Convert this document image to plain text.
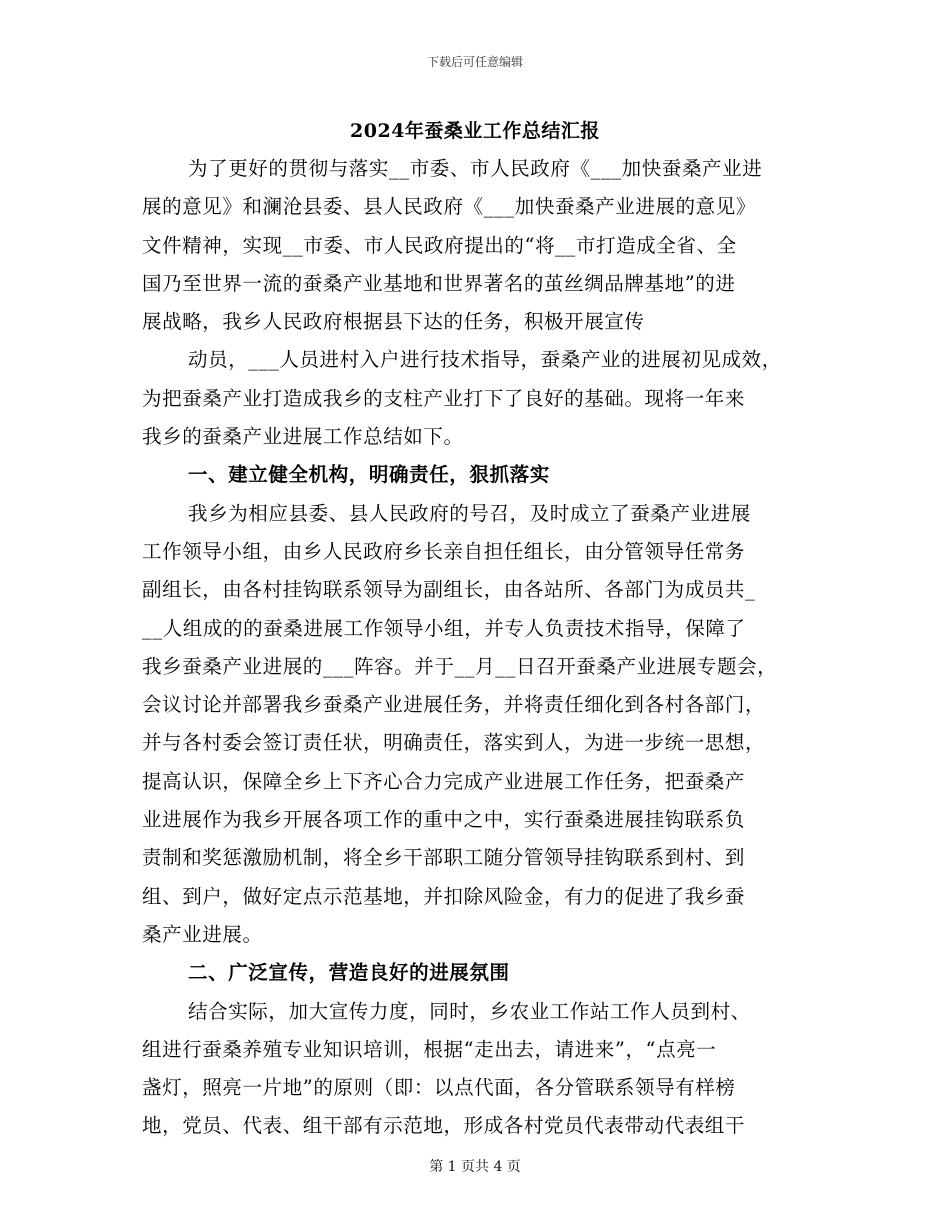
下载后可任意编辑
2024年蚕桑业工作总结汇报
为了更好的贯彻与落实__市委、市人民政府《___加快蚕桑产业进
展的意见》和澜沧县委、县人民政府《___加快蚕桑产业进展的意见》
文件精神，实现__市委、市人民政府提出的“将__市打造成全省、全
国乃至世界一流的蚕桑产业基地和世界著名的茧丝绸品牌基地”的进
展战略，我乡人民政府根据县下达的任务，积极开展宣传
动员，___人员进村入户进行技术指导，蚕桑产业的进展初见成效，
为把蚕桑产业打造成我乡的支柱产业打下了良好的基础。现将一年来
我乡的蚕桑产业进展工作总结如下。
一、建立健全机构，明确责任，狠抓落实
我乡为相应县委、县人民政府的号召，及时成立了蚕桑产业进展
工作领导小组，由乡人民政府乡长亲自担任组长，由分管领导任常务
副组长，由各村挂钩联系领导为副组长，由各站所、各部门为成员共_
__人组成的的蚕桑进展工作领导小组，并专人负责技术指导，保障了
我乡蚕桑产业进展的___阵容。并于__月__日召开蚕桑产业进展专题会，
会议讨论并部署我乡蚕桑产业进展任务，并将责任细化到各村各部门，
并与各村委会签订责任状，明确责任，落实到人，为进一步统一思想，
提高认识，保障全乡上下齐心合力完成产业进展工作任务，把蚕桑产
业进展作为我乡开展各项工作的重中之中，实行蚕桑进展挂钩联系负
责制和奖惩激励机制，将全乡干部职工随分管领导挂钩联系到村、到
组、到户，做好定点示范基地，并扣除风险金，有力的促进了我乡蚕
桑产业进展。
二、广泛宣传，营造良好的进展氛围
结合实际，加大宣传力度，同时，乡农业工作站工作人员到村、
组进行蚕桑养殖专业知识培训，根据“走出去，请进来”，“点亮一
盏灯，照亮一片地”的原则（即：以点代面，各分管联系领导有样榜
地，党员、代表、组干部有示范地，形成各村党员代表带动代表组干
第 1 页共 4 页
